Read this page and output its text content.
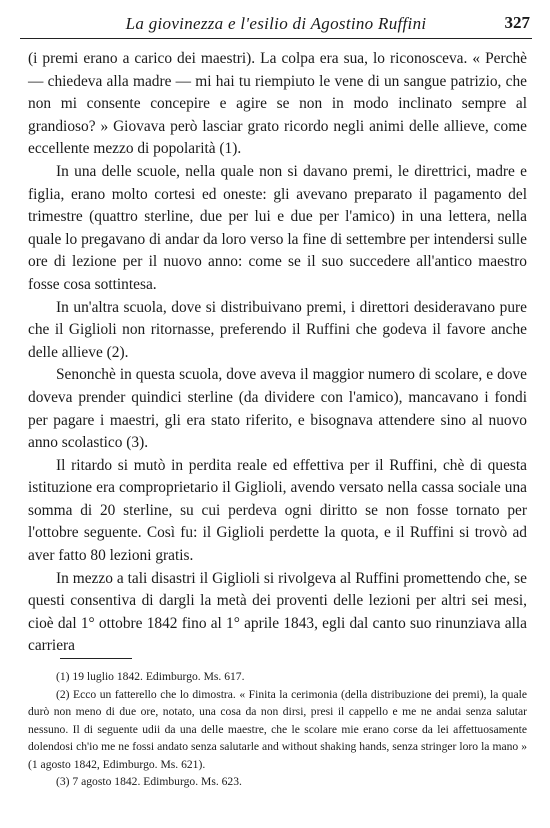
La giovinezza e l'esilio di Agostino Ruffini	327

(i premi erano a carico dei maestri). La colpa era sua, lo riconosceva. « Perchè — chiedeva alla madre — mi hai tu riempiuto le vene di un sangue patrizio, che non mi consente concepire e agire se non in modo inclinato sempre al grandioso? » Giovava però lasciar grato ricordo negli animi delle allieve, come eccellente mezzo di popolarità (1).

In una delle scuole, nella quale non si davano premi, le direttrici, madre e figlia, erano molto cortesi ed oneste: gli avevano preparato il pagamento del trimestre (quattro sterline, due per lui e due per l'amico) in una lettera, nella quale lo pregavano di andar da loro verso la fine di settembre per intendersi sulle ore di lezione per il nuovo anno: come se il suo succedere all'antico maestro fosse cosa sottintesa.

In un'altra scuola, dove si distribuivano premi, i direttori desideravano pure che il Giglioli non ritornasse, preferendo il Ruffini che godeva il favore anche delle allieve (2).

Senonchè in questa scuola, dove aveva il maggior numero di scolare, e dove doveva prender quindici sterline (da dividere con l'amico), mancavano i fondi per pagare i maestri, gli era stato riferito, e bisognava attendere sino al nuovo anno scolastico (3).

Il ritardo si mutò in perdita reale ed effettiva per il Ruffini, chè di questa istituzione era comproprietario il Giglioli, avendo versato nella cassa sociale una somma di 20 sterline, su cui perdeva ogni diritto se non fosse tornato per l'ottobre seguente. Così fu: il Giglioli perdette la quota, e il Ruffini si trovò ad aver fatto 80 lezioni gratis.

In mezzo a tali disastri il Giglioli si rivolgeva al Ruffini promettendo che, se questi consentiva di dargli la metà dei proventi delle lezioni per altri sei mesi, cioè dal 1° ottobre 1842 fino al 1° aprile 1843, egli dal canto suo rinunziava alla carriera

(1) 19 luglio 1842. Edimburgo. Ms. 617.

(2) Ecco un fatterello che lo dimostra. « Finita la cerimonia (della distribuzione dei premi), la quale durò non meno di due ore, notato, una cosa da non dirsi, presi il cappello e me ne andai senza salutar nessuno. Il di seguente udii da una delle maestre, che le scolare mie erano corse da lei affettuosamente dolendosi ch'io me ne fossi andato senza salutarle and without shaking hands, senza stringer loro la mano » (1 agosto 1842, Edimburgo. Ms. 621).

(3) 7 agosto 1842. Edimburgo. Ms. 623.
